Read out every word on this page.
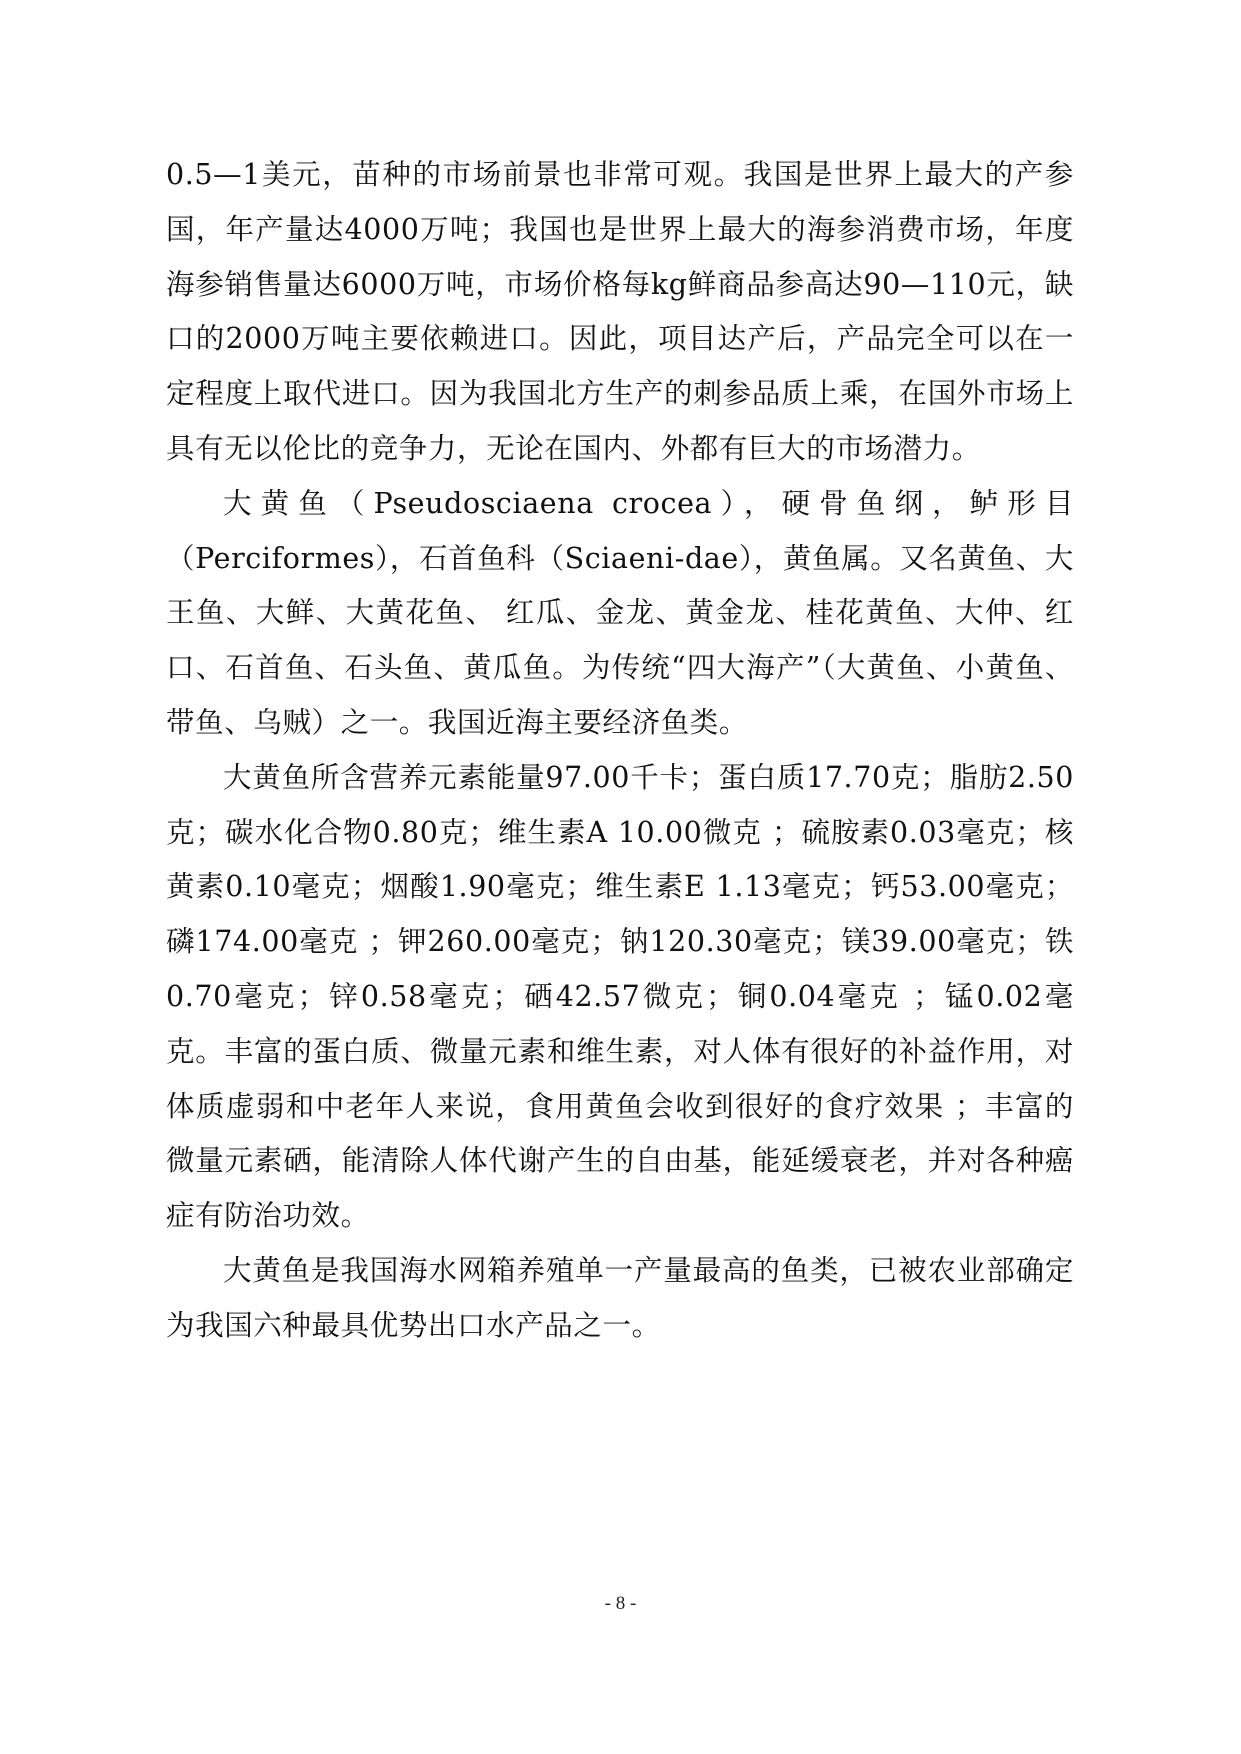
0.5—1美元，苗种的市场前景也非常可观。我国是世界上最大的产参国，年产量达4000万吨；我国也是世界上最大的海参消费市场，年度海参销售量达6000万吨，市场价格每kg鲜商品参高达90—110元，缺口的2000万吨主要依赖进口。因此，项目达产后，产品完全可以在一定程度上取代进口。因为我国北方生产的刺参品质上乘，在国外市场上具有无以伦比的竞争力，无论在国内、外都有巨大的市场潜力。

大黄鱼（Pseudosciaena crocea），硬骨鱼纲，鲈形目（Perciformes），石首鱼科（Sciaeni-dae），黄鱼属。又名黄鱼、大王鱼、大鲜、大黄花鱼、 红瓜、金龙、黄金龙、桂花黄鱼、大仲、红口、石首鱼、石头鱼、黄瓜鱼。为传统“四大海产”（大黄鱼、小黄鱼、带鱼、乌贼）之一。我国近海主要经济鱼类。

大黄鱼所含营养元素能量97.00千卡；蛋白质17.70克；脂肪2.50克；碳水化合物0.80克；维生素A 10.00微克 ；硫胺素0.03毫克；核黄素0.10毫克；烟酸1.90毫克；维生素E 1.13毫克；钙53.00毫克；磷174.00毫克 ；钾260.00毫克；钠120.30毫克；镁39.00毫克；铁0.70毫克；锌0.58毫克；硒42.57微克；铜0.04毫克 ；锰0.02毫克。丰富的蛋白质、微量元素和维生素，对人体有很好的补益作用，对体质虚弱和中老年人来说，食用黄鱼会收到很好的食疗效果 ；丰富的微量元素硒，能清除人体代谢产生的自由基，能延缓衰老，并对各种癌症有防治功效。

大黄鱼是我国海水网箱养殖单一产量最高的鱼类，已被农业部确定为我国六种最具优势出口水产品之一。

- 8 -
